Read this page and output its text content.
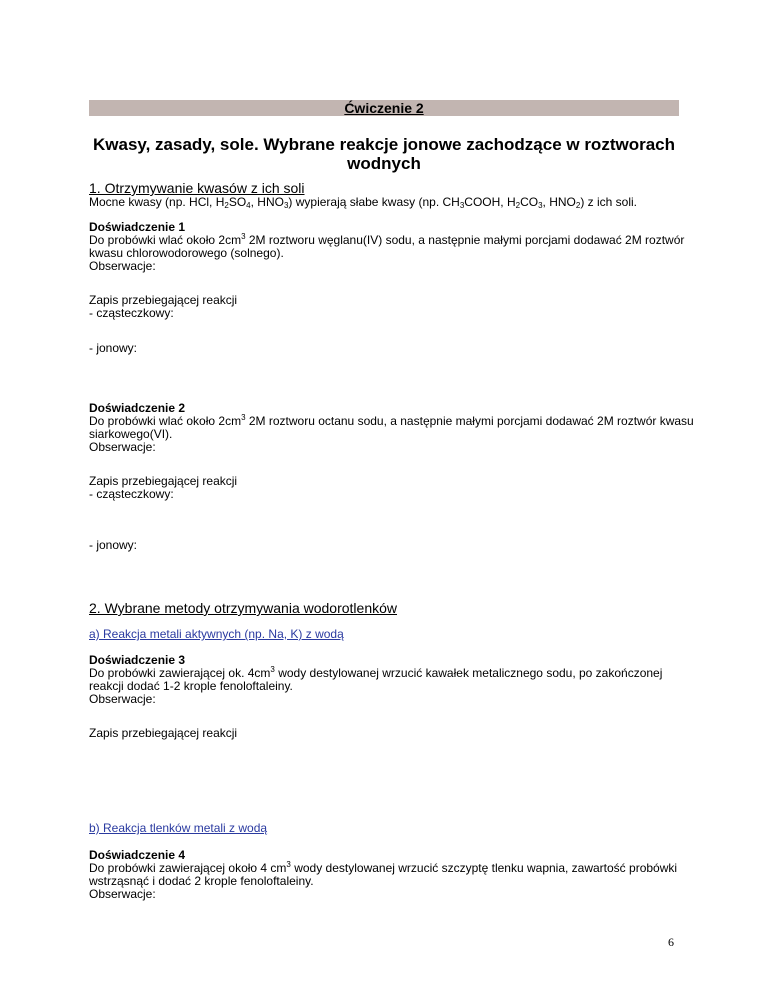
Ćwiczenie 2
Kwasy, zasady, sole. Wybrane reakcje jonowe zachodzące w roztworach wodnych
1. Otrzymywanie kwasów z ich soli
Mocne kwasy (np. HCl, $H_2SO_4$, $HNO_3$) wypierają słabe kwasy (np. $CH_3COOH$, $H_2CO_3$, $HNO_2$) z ich soli.
Doświadczenie 1
Do probówki wlać około $2cm^3$ 2M roztworu węglanu(IV) sodu, a następnie małymi porcjami dodawać 2M roztwór
kwasu chlorowodorowego (solnego).
Obserwacje:
Zapis przebiegającej reakcji
- cząsteczkowy:
- jonowy:
Doświadczenie 2
Do probówki wlać około $2cm^3$ 2M roztworu octanu sodu, a następnie małymi porcjami dodawać 2M roztwór kwasu
siarkowego(VI).
Obserwacje:
Zapis przebiegającej reakcji
- cząsteczkowy:
- jonowy:
2. Wybrane metody otrzymywania wodorotlenków
a) Reakcja metali aktywnych (np. Na, K) z wodą
Doświadczenie 3
Do probówki zawierającej ok. $4cm^3$ wody destylowanej wrzucić kawałek metalicznego sodu, po zakończonej
reakcji dodać 1-2 krople fenoloftaleiny.
Obserwacje:
Zapis przebiegającej reakcji
b) Reakcja tlenków metali z wodą
Doświadczenie 4
Do probówki zawierającej około 4 $cm^3$ wody destylowanej wrzucić szczyptę tlenku wapnia, zawartość probówki
wstrząsnąć i dodać 2 krople fenoloftaleiny.
Obserwacje:
6
